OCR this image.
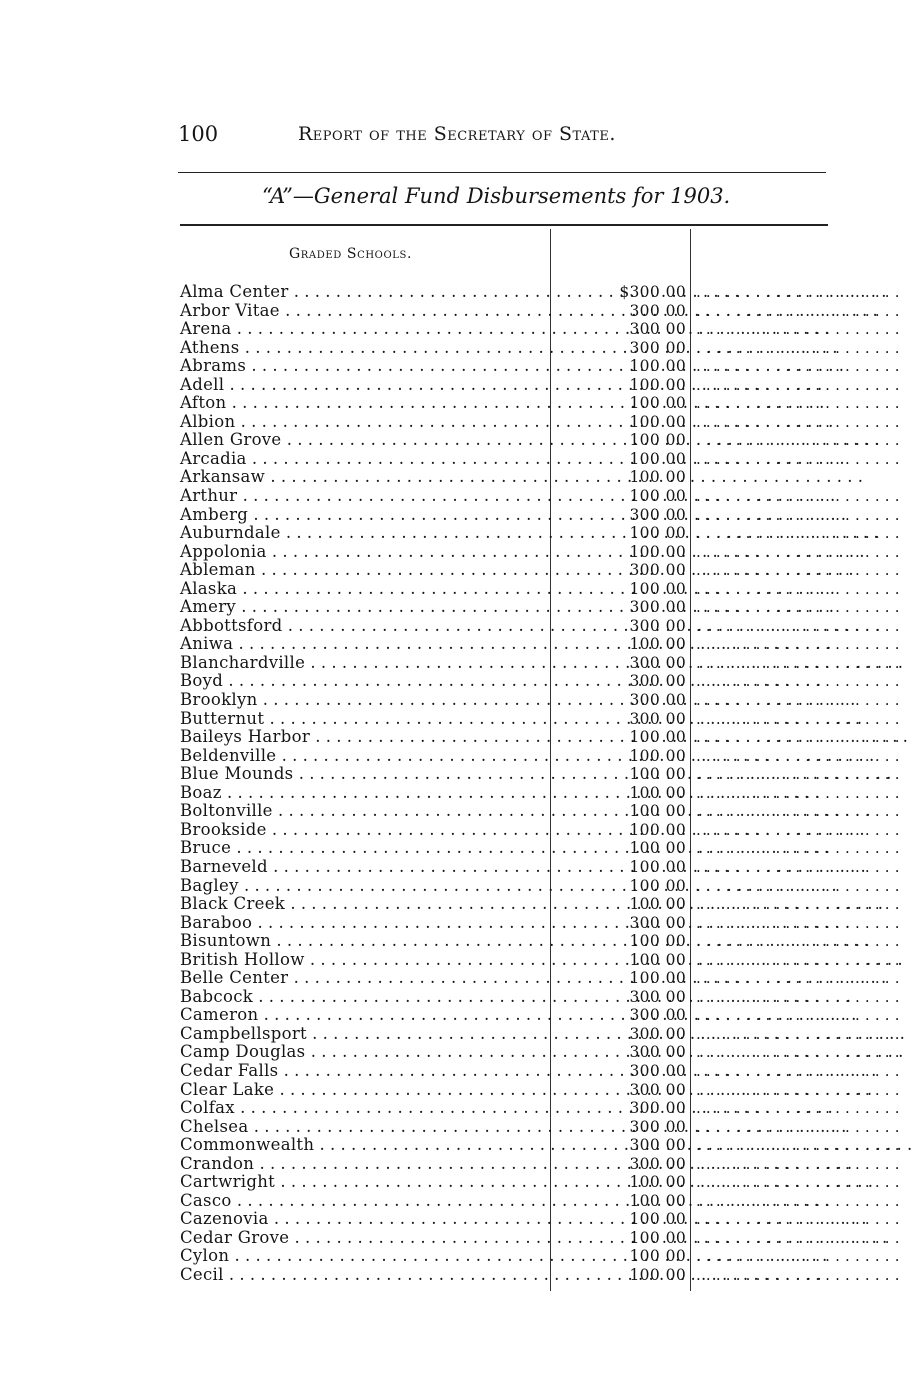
100	Report of the Secretary of State.
“A”—General Fund Disbursements for 1903.
Graded Schools.
Alma Center . . .	$300 00 . . . . . . . . . . . . . . . . . . . . .
Arbor Vitae . . .	300 00 . . . . . . . . . . . . . . . . . . . . .
Arena . . .	300 00 . . . . . . . . . . . . . . . . . . . . .
Athens . . .	300 00 . . . . . . . . . . . . . . . . . . . . .
Abrams . . .	100 00 . . . . . . . . . . . . . . . . . . . . .
Adell . . .	100 00 . . . . . . . . . . . . . . . . . . . . .
Afton . . .	100 00 . . . . . . . . . . . . . . . . . . . . .
Albion . . .	100 00 . . . . . . . . . . . . . . . . . . . . .
Allen Grove . . .	100 00 . . . . . . . . . . . . . . . . . . . . .
Arcadia . . .	100 00 . . . . . . . . . . . . . . . . . . . . .
Arkansaw . . .	100 00
Arthur . . .	100 00 . . . . . . . . . . . . . . . . . . . . .
Amberg . . .	300 00 . . . . . . . . . . . . . . . . . . . . .
Auburndale . . .	100 00 . . . . . . . . . . . . . . . . . . . . .
Appolonia . . .	100 00 . . . . . . . . . . . . . . . . . . . . .
Ableman . . .	300 00 . . . . . . . . . . . . . . . . . . . . .
Alaska . . .	100 00 . . . . . . . . . . . . . . . . . . . . .
Amery . . .	300 00 . . . . . . . . . . . . . . . . . . . . .
Abbottsford . . .	300 00 . . . . . . . . . . . . . . . . . . . . .
Aniwa . . .	100 00 . . . . . . . . . . . . . . . . . . . . .
Blanchardville . . .	300 00 . . . . . . . . . . . . . . . . . . . . .
Boyd . . .	300 00 . . . . . . . . . . . . . . . . . . . . .
Brooklyn . . .	300 00 . . . . . . . . . . . . . . . . . . . . .
Butternut . . .	300 00 . . . . . . . . . . . . . . . . . . . . .
Baileys Harbor . . .	100 00 . . . . . . . . . . . . . . . . . . . . .
Beldenville . . .	100 00 . . . . . . . . . . . . . . . . . . . . .
Blue Mounds . . .	100 00 . . . . . . . . . . . . . . . . . . . . .
Boaz . . .	100 00 . . . . . . . . . . . . . . . . . . . . .
Boltonville . . .	100 00 . . . . . . . . . . . . . . . . . . . . .
Brookside . . .	100 00 . . . . . . . . . . . . . . . . . . . . .
Bruce . . .	100 00 . . . . . . . . . . . . . . . . . . . . .
Barneveld . . .	100 00 . . . . . . . . . . . . . . . . . . . . .
Bagley . . .	100 00 . . . . . . . . . . . . . . . . . . . . .
Black Creek . . .	100 00 . . . . . . . . . . . . . . . . . . . . .
Baraboo . . .	300 00 . . . . . . . . . . . . . . . . . . . . .
Bisuntown . . .	100 00 . . . . . . . . . . . . . . . . . . . . .
British Hollow . . .	100 00 . . . . . . . . . . . . . . . . . . . . .
Belle Center . . .	100 00 . . . . . . . . . . . . . . . . . . . . .
Babcock . . .	300 00 . . . . . . . . . . . . . . . . . . . . .
Cameron . . .	300 00 . . . . . . . . . . . . . . . . . . . . .
Campbellsport . . .	300 00 . . . . . . . . . . . . . . . . . . . . .
Camp Douglas . . .	300 00 . . . . . . . . . . . . . . . . . . . . .
Cedar Falls . . .	300 00 . . . . . . . . . . . . . . . . . . . . .
Clear Lake . . .	300 00 . . . . . . . . . . . . . . . . . . . . .
Colfax . . .	300 00 . . . . . . . . . . . . . . . . . . . . .
Chelsea . . .	300 00 . . . . . . . . . . . . . . . . . . . . .
Commonwealth . . .	300 00 . . . . . . . . . . . . . . . . . . . . .
Crandon . . .	300 00 . . . . . . . . . . . . . . . . . . . . .
Cartwright . . .	100 00 . . . . . . . . . . . . . . . . . . . . .
Casco . . .	100 00 . . . . . . . . . . . . . . . . . . . . .
Cazenovia . . .	100 00 . . . . . . . . . . . . . . . . . . . . .
Cedar Grove . . .	100 00 . . . . . . . . . . . . . . . . . . . . .
Cylon . . .	100 00 . . . . . . . . . . . . . . . . . . . . .
Cecil . . .	100 00 . . . . . . . . . . . . . . . . . . . . .
